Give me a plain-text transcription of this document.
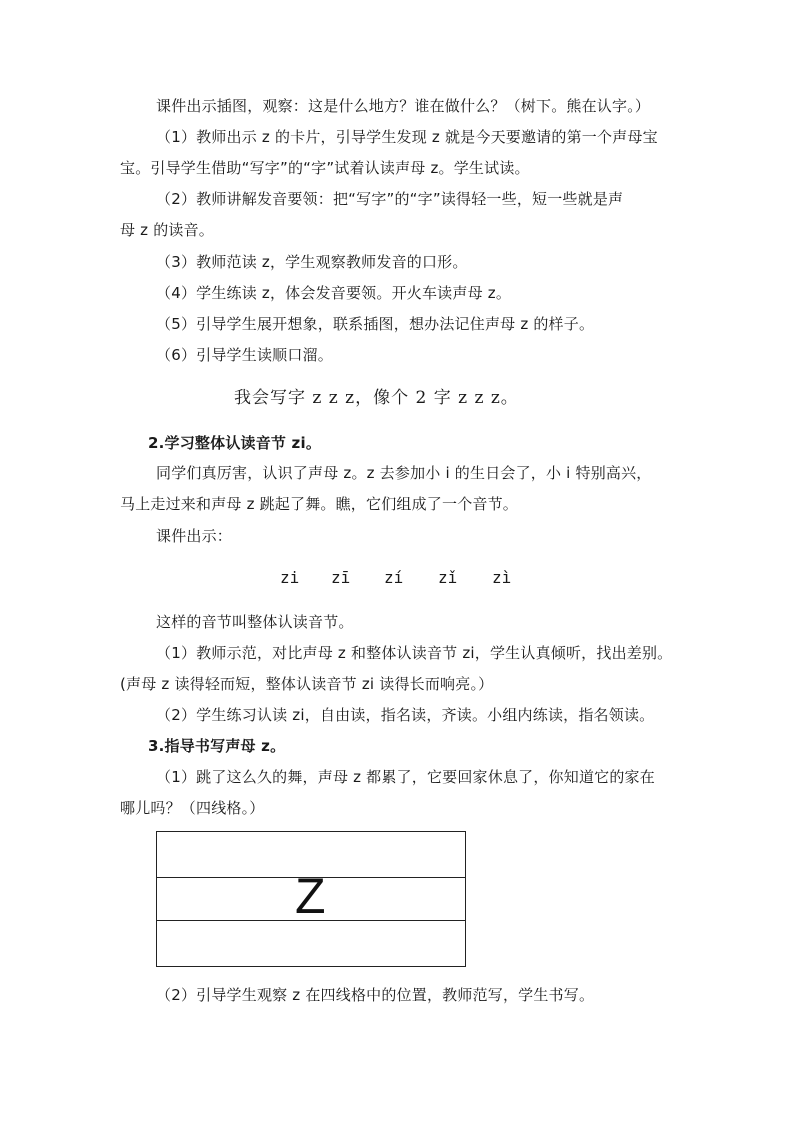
课件出示插图，观察：这是什么地方？谁在做什么？（树下。熊在认字。）
（1）教师出示 z 的卡片，引导学生发现 z 就是今天要邀请的第一个声母宝
宝。引导学生借助“写字”的“字”试着认读声母 z。学生试读。
（2）教师讲解发音要领：把“写字”的“字”读得轻一些，短一些就是声
母 z 的读音。
（3）教师范读 z，学生观察教师发音的口形。
（4）学生练读 z，体会发音要领。开火车读声母 z。
（5）引导学生展开想象，联系插图，想办法记住声母 z 的样子。
（6）引导学生读顺口溜。
我会写字 z z z，像个 2 字 z z z。
2.学习整体认读音节 zi。
同学们真厉害，认识了声母 z。z 去参加小 i 的生日会了，小 i 特别高兴，
马上走过来和声母 z 跳起了舞。瞧，它们组成了一个音节。
课件出示：
zi zī zí zǐ zì
这样的音节叫整体认读音节。
（1）教师示范，对比声母 z 和整体认读音节 zi，学生认真倾听，找出差别。
(声母 z 读得轻而短，整体认读音节 zi 读得长而响亮。）
（2）学生练习认读 zi，自由读，指名读，齐读。小组内练读，指名领读。
3.指导书写声母 z。
（1）跳了这么久的舞，声母 z 都累了，它要回家休息了，你知道它的家在
哪儿吗？（四线格。）
Z
（2）引导学生观察 z 在四线格中的位置，教师范写，学生书写。
